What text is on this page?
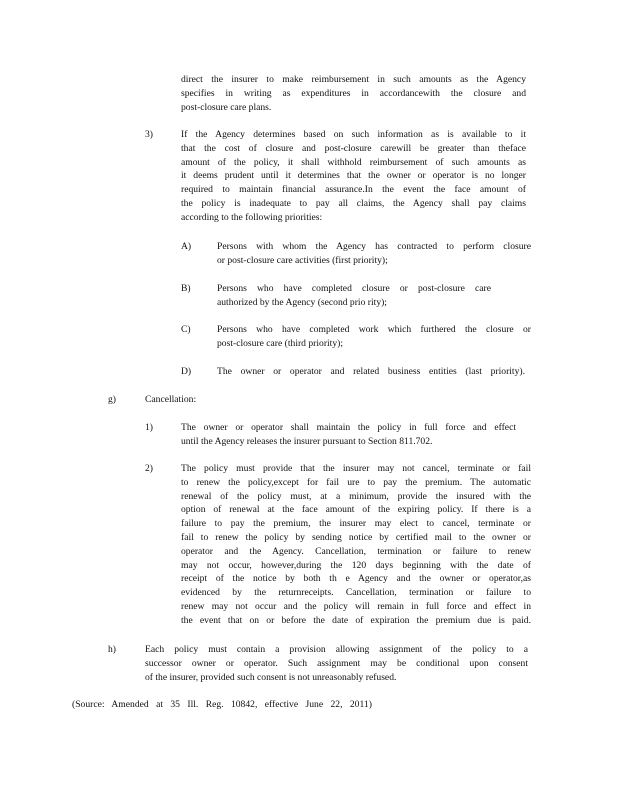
direct the insurer to make reimbursement in such amounts as the Agency

specifies in writing as expenditures in accordancewith the closure and

post-closure care plans.

3)	If the Agency determines based on such information as is available to it

that the cost of closure and post-closure carewill be greater than theface

amount of the policy, it shall withhold reimbursement of such amounts as

it deems prudent until it determines that the owner or operator is no longer

required to maintain financial assurance.In the event the face amount of

the policy is inadequate to pay all claims, the Agency shall pay claims

according to the following priorities:

A)	Persons with whom the Agency has contracted to perform closure

or post-closure care activities (first priority);

B)	Persons who have completed closure or post-closure care

authorized by the Agency (second prio rity);

C)	Persons who have completed work which furthered the closure or

post-closure care (third priority);

D)	The owner or operator and related business entities (last priority).

g)	Cancellation:
1)	The owner or operator shall maintain the policy in full force and effect

until the Agency releases the insurer pursuant to Section 811.702.

2)	The policy must provide that the insurer may not cancel, terminate or fail

to renew the policy,except for fail ure to pay the premium. The automatic

renewal of the policy must, at a minimum, provide the insured with the

option of renewal at the face amount of the expiring policy. If there is a

failure to pay the premium, the insurer may elect to cancel, terminate or

fail to renew the policy by sending notice by certified mail to the owner or

operator and the Agency. Cancellation, termination or failure to renew

may not occur, however,during the 120 days beginning with the date of

receipt of the notice by both th e Agency and the owner or operator,as

evidenced by the returnreceipts. Cancellation, termination or failure to

renew may not occur and the policy will remain in full force and effect in

the event that on or before the date of expiration the premium due is paid.

h)	Each policy must contain a provision allowing assignment of the policy to a

successor owner or operator. Such assignment may be conditional upon consent

of the insurer, provided such consent is not unreasonably refused.

(Source: Amended at 35 Ill. Reg. 10842, effective June 22, 2011)
